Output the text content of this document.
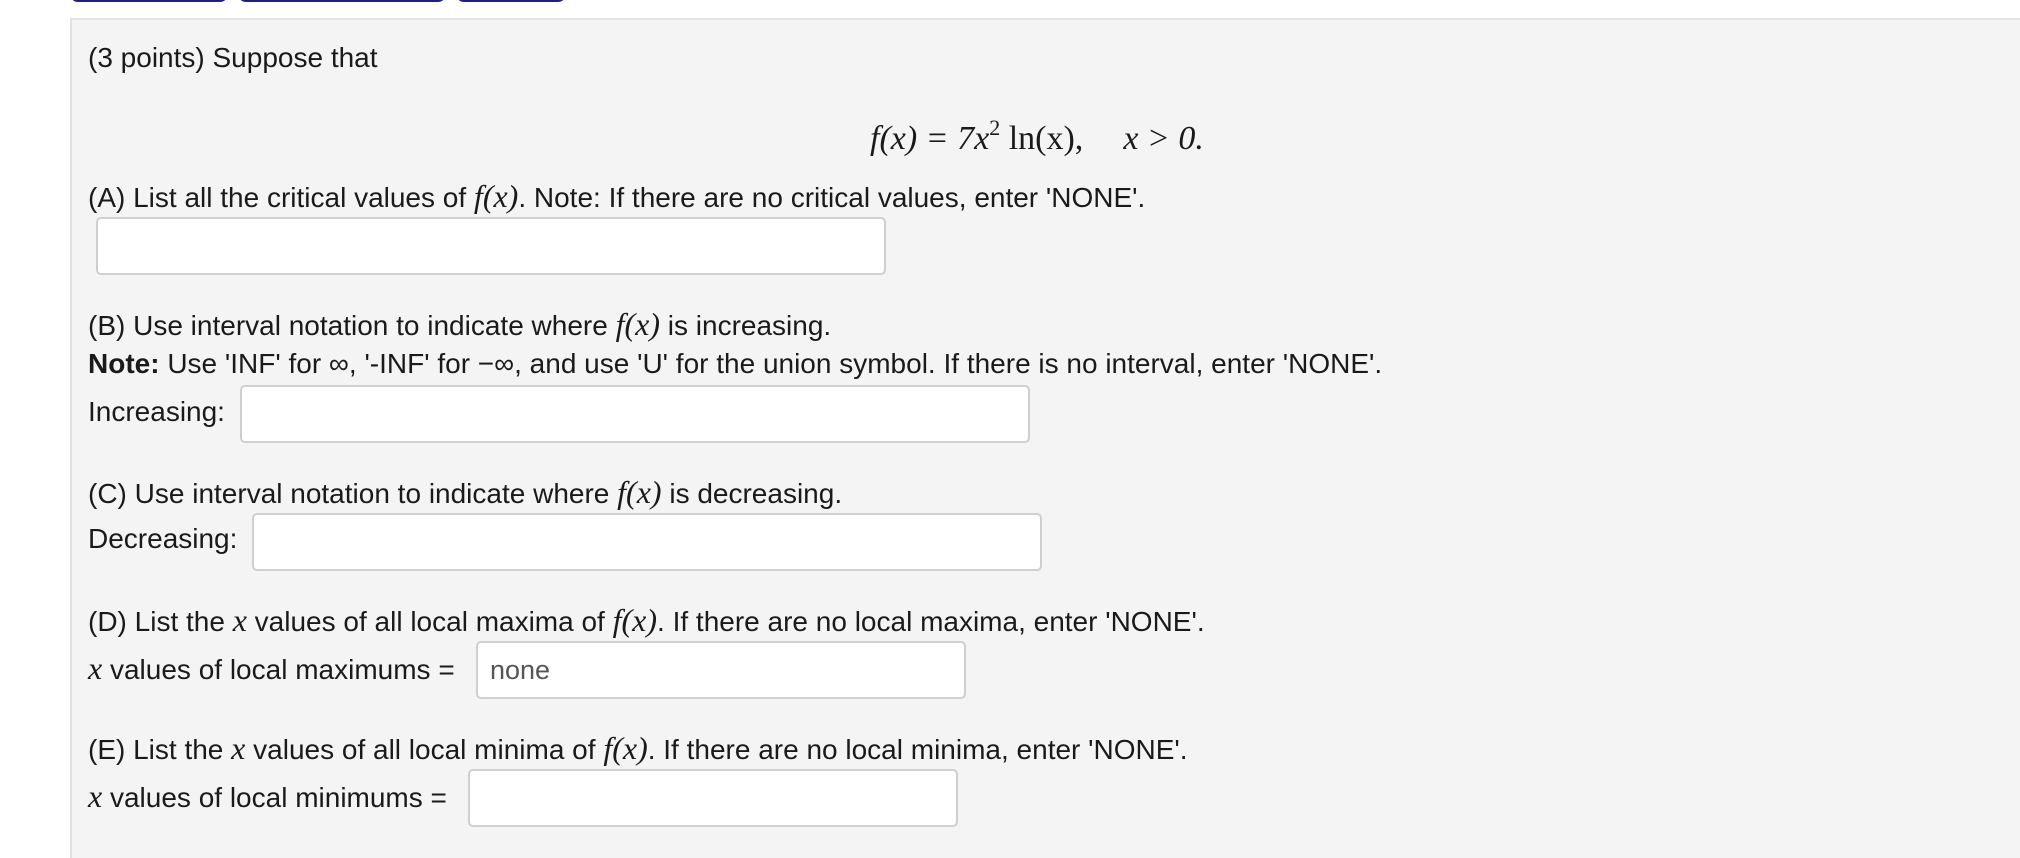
(3 points) Suppose that
$f(x) = 7x^2$ ln(x), x > 0.
(A) List all the critical values of f(x). Note: If there are no critical values, enter 'NONE'.
(B) Use interval notation to indicate where f(x) is increasing.
Note: Use 'INF' for ∞, '-INF' for −∞, and use 'U' for the union symbol. If there is no interval, enter 'NONE'.
Increasing:
(C) Use interval notation to indicate where f(x) is decreasing.
Decreasing:
(D) List the x values of all local maxima of f(x). If there are no local maxima, enter 'NONE'.
x values of local maximums =
none
(E) List the x values of all local minima of f(x). If there are no local minima, enter 'NONE'.
x values of local minimums =
